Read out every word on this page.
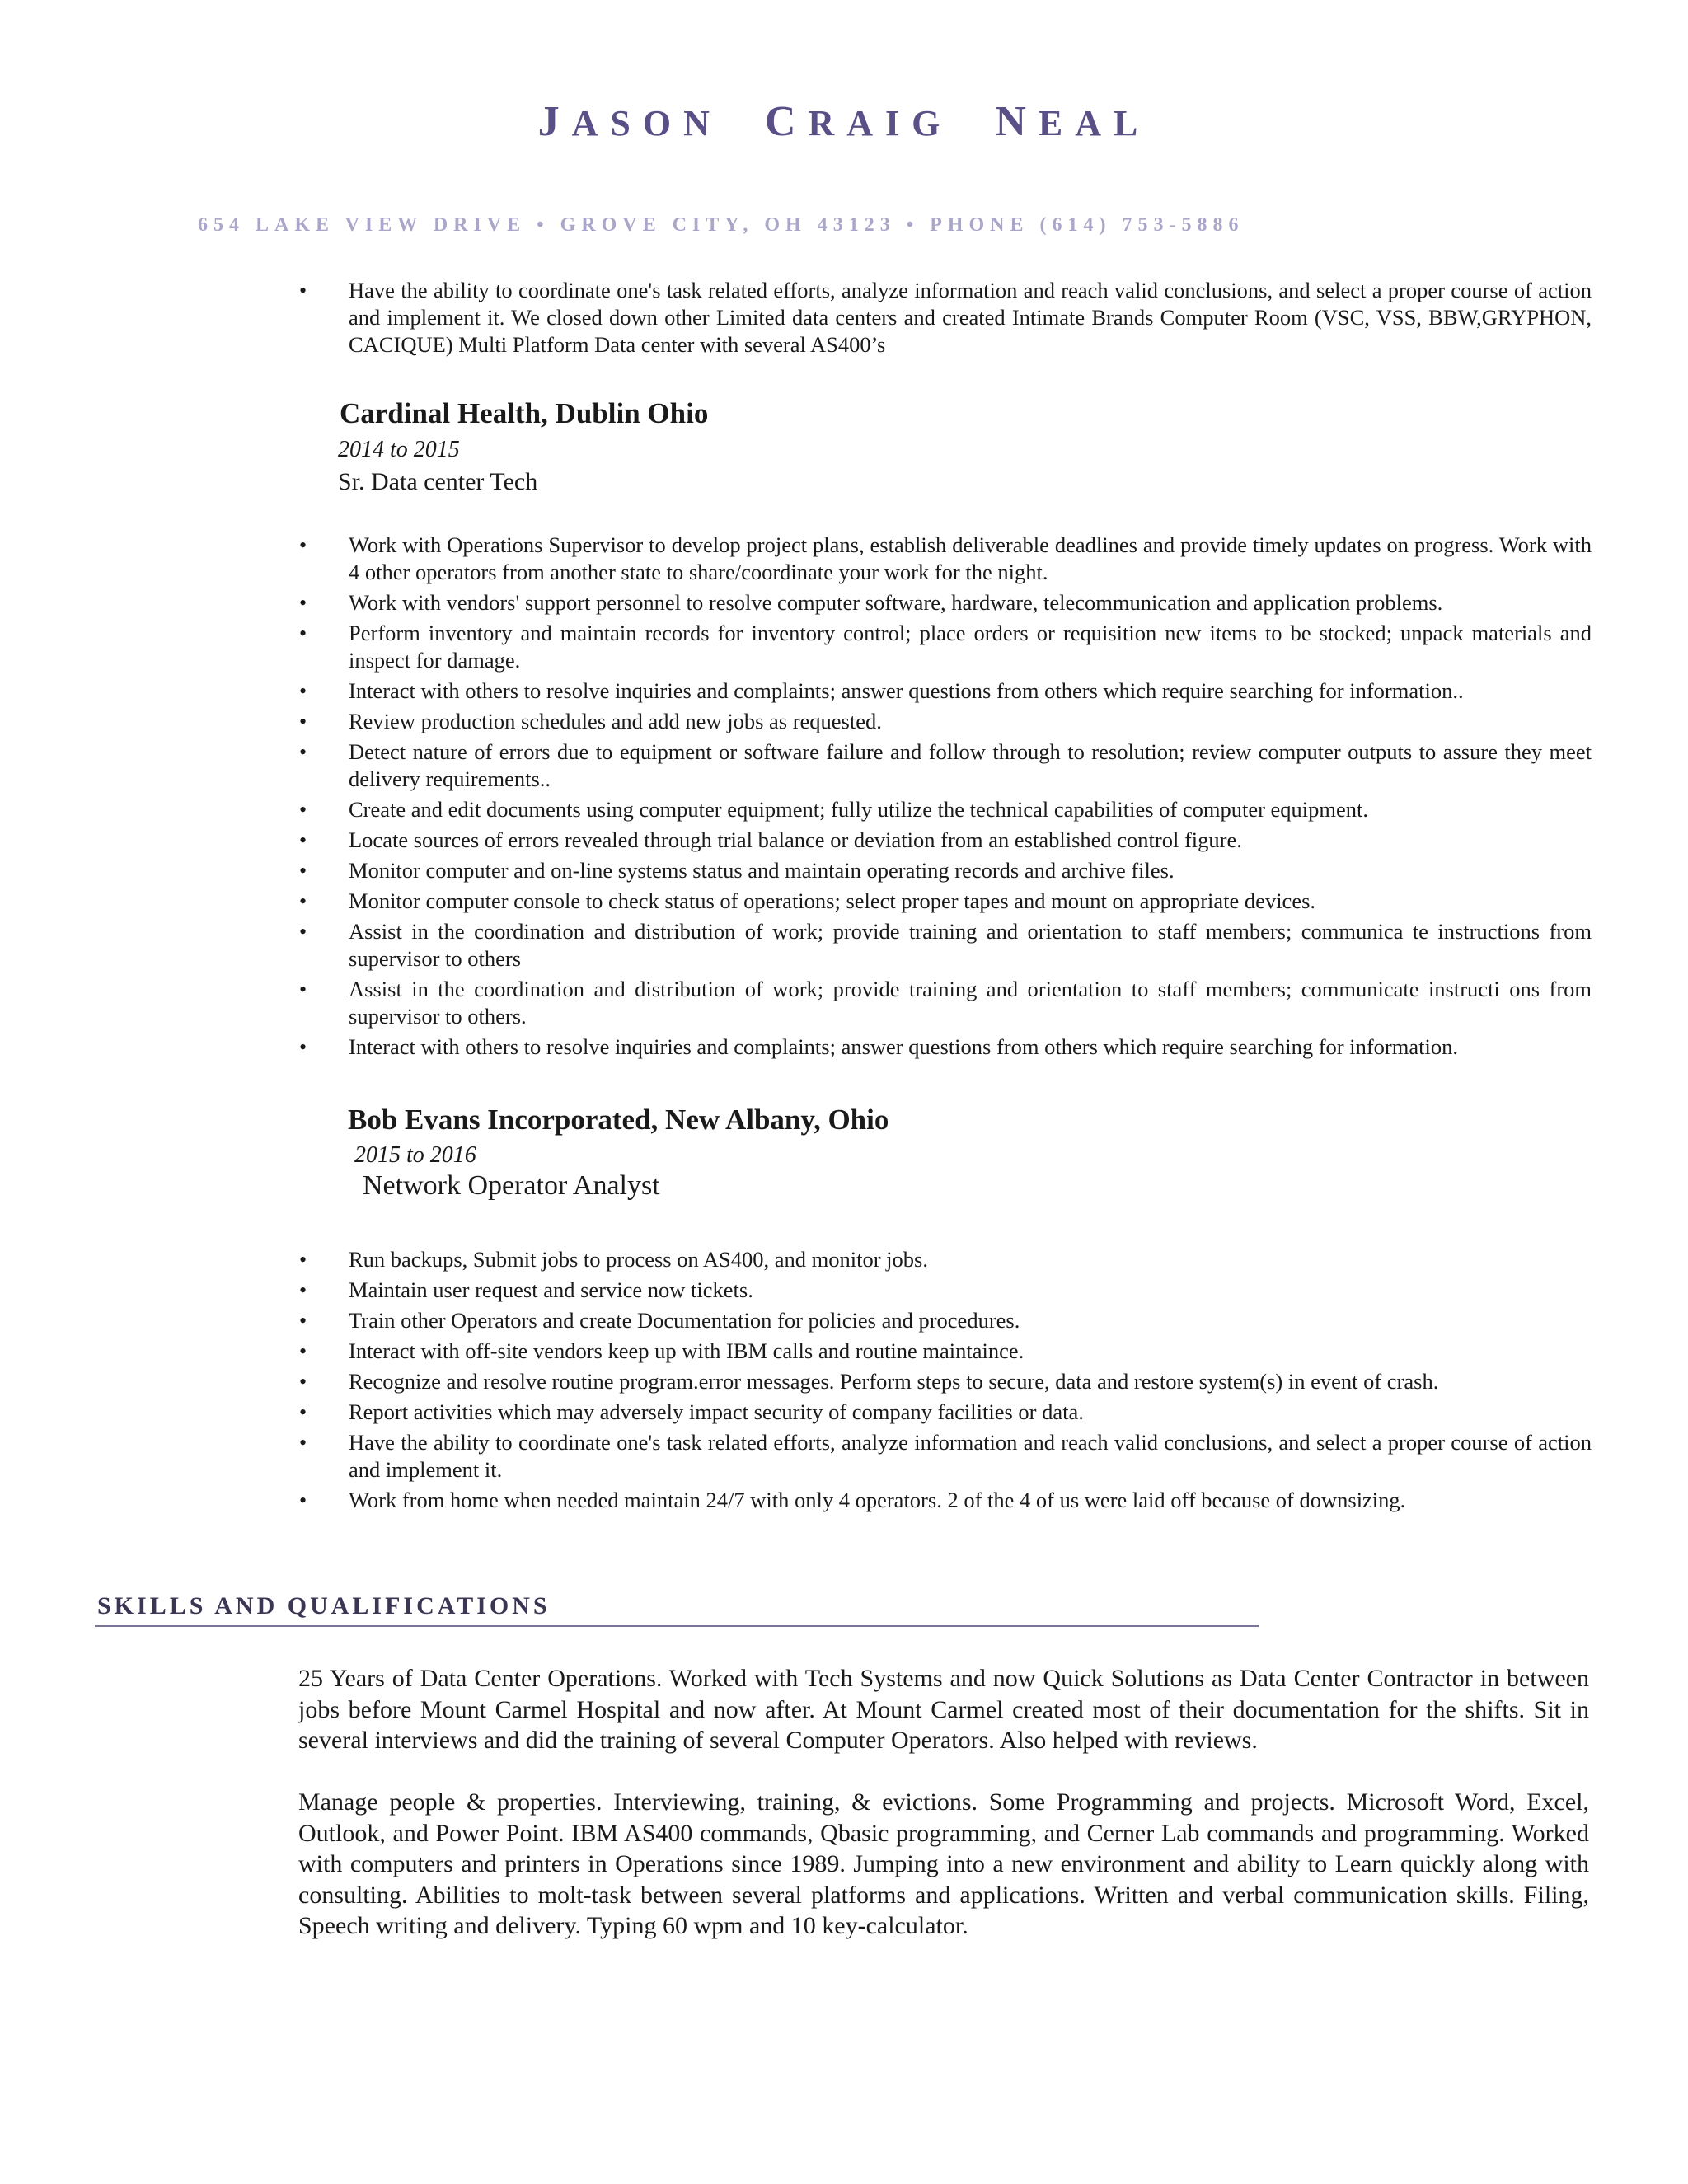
JASON CRAIG NEAL
654 LAKE VIEW DRIVE • GROVE CITY, OH 43123 • PHONE (614) 753-5886
• Have the ability to coordinate one's task related efforts, analyze information and reach valid conclusions, and select a proper course of action and implement it. We closed down other Limited data centers and created Intimate Brands Computer Room (VSC, VSS, BBW,GRYPHON, CACIQUE) Multi Platform Data center with several AS400’s
Cardinal Health, Dublin Ohio
2014 to 2015
Sr. Data center Tech
• Work with Operations Supervisor to develop project plans, establish deliverable deadlines and provide timely updates on progress. Work with 4 other operators from another state to share/coordinate your work for the night.
• Work with vendors' support personnel to resolve computer software, hardware, telecommunication and application problems.
• Perform inventory and maintain records for inventory control; place orders or requisition new items to be stocked; unpack materials and inspect for damage.
• Interact with others to resolve inquiries and complaints; answer questions from others which require searching for information..
• Review production schedules and add new jobs as requested.
• Detect nature of errors due to equipment or software failure and follow through to resolution; review computer outputs to assure they meet delivery requirements..
• Create and edit documents using computer equipment; fully utilize the technical capabilities of computer equipment.
• Locate sources of errors revealed through trial balance or deviation from an established control figure.
• Monitor computer and on-line systems status and maintain operating records and archive files.
• Monitor computer console to check status of operations; select proper tapes and mount on appropriate devices.
• Assist in the coordination and distribution of work; provide training and orientation to staff members; communica te instructions from supervisor to others
• Assist in the coordination and distribution of work; provide training and orientation to staff members; communicate instructi ons from supervisor to others.
• Interact with others to resolve inquiries and complaints; answer questions from others which require searching for information.
Bob Evans Incorporated, New Albany, Ohio
2015 to 2016
Network Operator Analyst
• Run backups, Submit jobs to process on AS400, and monitor jobs.
• Maintain user request and service now tickets.
• Train other Operators and create Documentation for policies and procedures.
• Interact with off-site vendors keep up with IBM calls and routine maintaince.
• Recognize and resolve routine program.error messages. Perform steps to secure, data and restore system(s) in event of crash.
• Report activities which may adversely impact security of company facilities or data.
• Have the ability to coordinate one's task related efforts, analyze information and reach valid conclusions, and select a proper course of action and implement it.
• Work from home when needed maintain 24/7 with only 4 operators. 2 of the 4 of us were laid off because of downsizing.
SKILLS AND QUALIFICATIONS
25 Years of Data Center Operations. Worked with Tech Systems and now Quick Solutions as Data Center Contractor in between jobs before Mount Carmel Hospital and now after. At Mount Carmel created most of their documentation for the shifts. Sit in several interviews and did the training of several Computer Operators. Also helped with reviews.
Manage people & properties. Interviewing, training, & evictions. Some Programming and projects. Microsoft Word, Excel, Outlook, and Power Point. IBM AS400 commands, Qbasic programming, and Cerner Lab commands and programming. Worked with computers and printers in Operations since 1989. Jumping into a new environment and ability to Learn quickly along with consulting. Abilities to molt-task between several platforms and applications. Written and verbal communication skills. Filing, Speech writing and delivery. Typing 60 wpm and 10 key-calculator.
